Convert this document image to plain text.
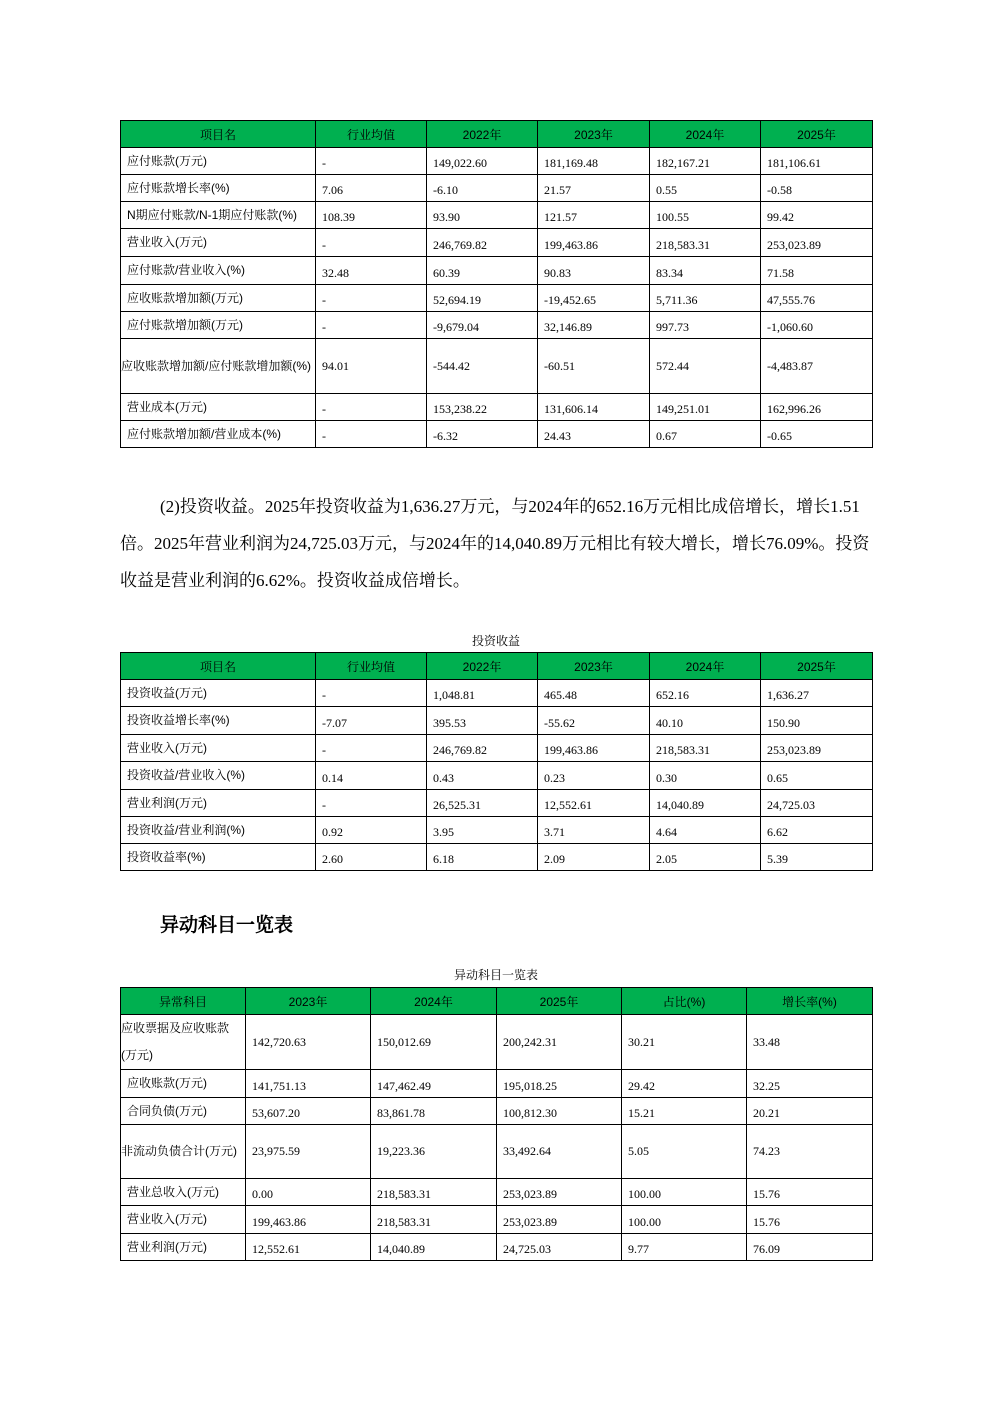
项目名	行业均值	2022年	2023年	2024年	2025年
应付账款(万元)	-	149,022.60	181,169.48	182,167.21	181,106.61
应付账款增长率(%)	7.06	-6.10	21.57	0.55	-0.58
N期应付账款/N-1期应付账款(%)	108.39	93.90	121.57	100.55	99.42
营业收入(万元)	-	246,769.82	199,463.86	218,583.31	253,023.89
应付账款/营业收入(%)	32.48	60.39	90.83	83.34	71.58
应收账款增加额(万元)	-	52,694.19	-19,452.65	5,711.36	47,555.76
应付账款增加额(万元)	-	-9,679.04	32,146.89	997.73	-1,060.60
应收账款增加额/应付账款增加额(%)	94.01	-544.42	-60.51	572.44	-4,483.87
营业成本(万元)	-	153,238.22	131,606.14	149,251.01	162,996.26
应付账款增加额/营业成本(%)	-	-6.32	24.43	0.67	-0.65

(2)投资收益。2025年投资收益为1,636.27万元，与2024年的652.16万元相比成倍增长，增长1.51倍。2025年营业利润为24,725.03万元，与2024年的14,040.89万元相比有较大增长，增长76.09%。投资收益是营业利润的6.62%。投资收益成倍增长。

投资收益
项目名	行业均值	2022年	2023年	2024年	2025年
投资收益(万元)	-	1,048.81	465.48	652.16	1,636.27
投资收益增长率(%)	-7.07	395.53	-55.62	40.10	150.90
营业收入(万元)	-	246,769.82	199,463.86	218,583.31	253,023.89
投资收益/营业收入(%)	0.14	0.43	0.23	0.30	0.65
营业利润(万元)	-	26,525.31	12,552.61	14,040.89	24,725.03
投资收益/营业利润(%)	0.92	3.95	3.71	4.64	6.62
投资收益率(%)	2.60	6.18	2.09	2.05	5.39
异动科目一览表
异动科目一览表
异常科目	2023年	2024年	2025年	占比(%)	增长率(%)
应收票据及应收账款(万元)	142,720.63	150,012.69	200,242.31	30.21	33.48
应收账款(万元)	141,751.13	147,462.49	195,018.25	29.42	32.25
合同负债(万元)	53,607.20	83,861.78	100,812.30	15.21	20.21
非流动负债合计(万元)	23,975.59	19,223.36	33,492.64	5.05	74.23
营业总收入(万元)	0.00	218,583.31	253,023.89	100.00	15.76
营业收入(万元)	199,463.86	218,583.31	253,023.89	100.00	15.76
营业利润(万元)	12,552.61	14,040.89	24,725.03	9.77	76.09
